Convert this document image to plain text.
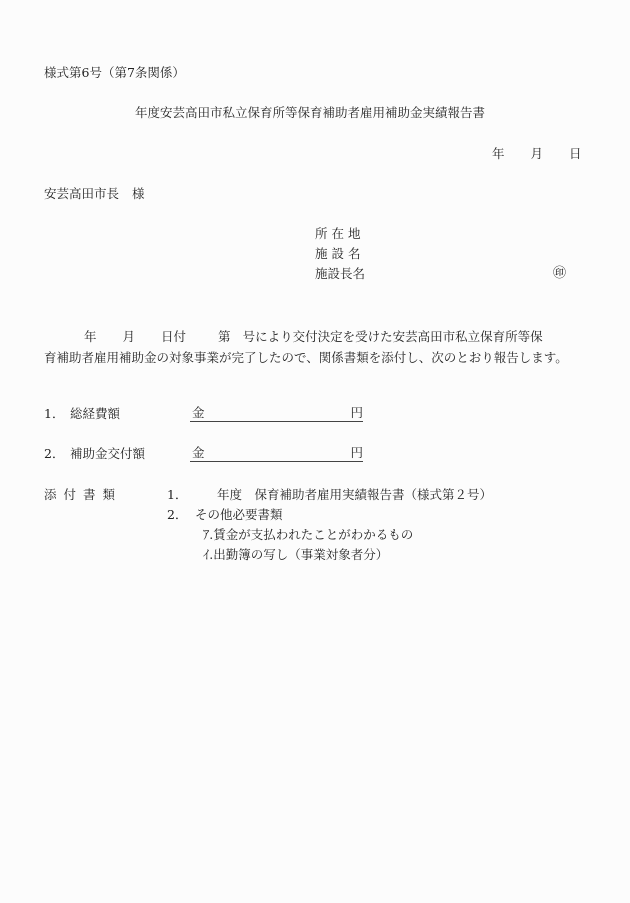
様式第6号（第7条関係）
年度安芸高田市私立保育所等保育補助者雇用補助金実績報告書
年 月 日
安芸高田市長 様
所在地
施設名
施設長名	㊞
年 月 日付	第 号により交付決定を受けた安芸高田市私立保育所等保
育補助者雇用補助金の対象事業が完了したので、関係書類を添付し、次のとおり報告します。
1． 総経費額	金	円
2． 補助金交付額	金	円
添付書類	1． 年度　保育補助者雇用実績報告書（様式第２号）
2． その他必要書類
ｱ.賃金が支払われたことがわかるもの
ｲ.出勤簿の写し（事業対象者分）
